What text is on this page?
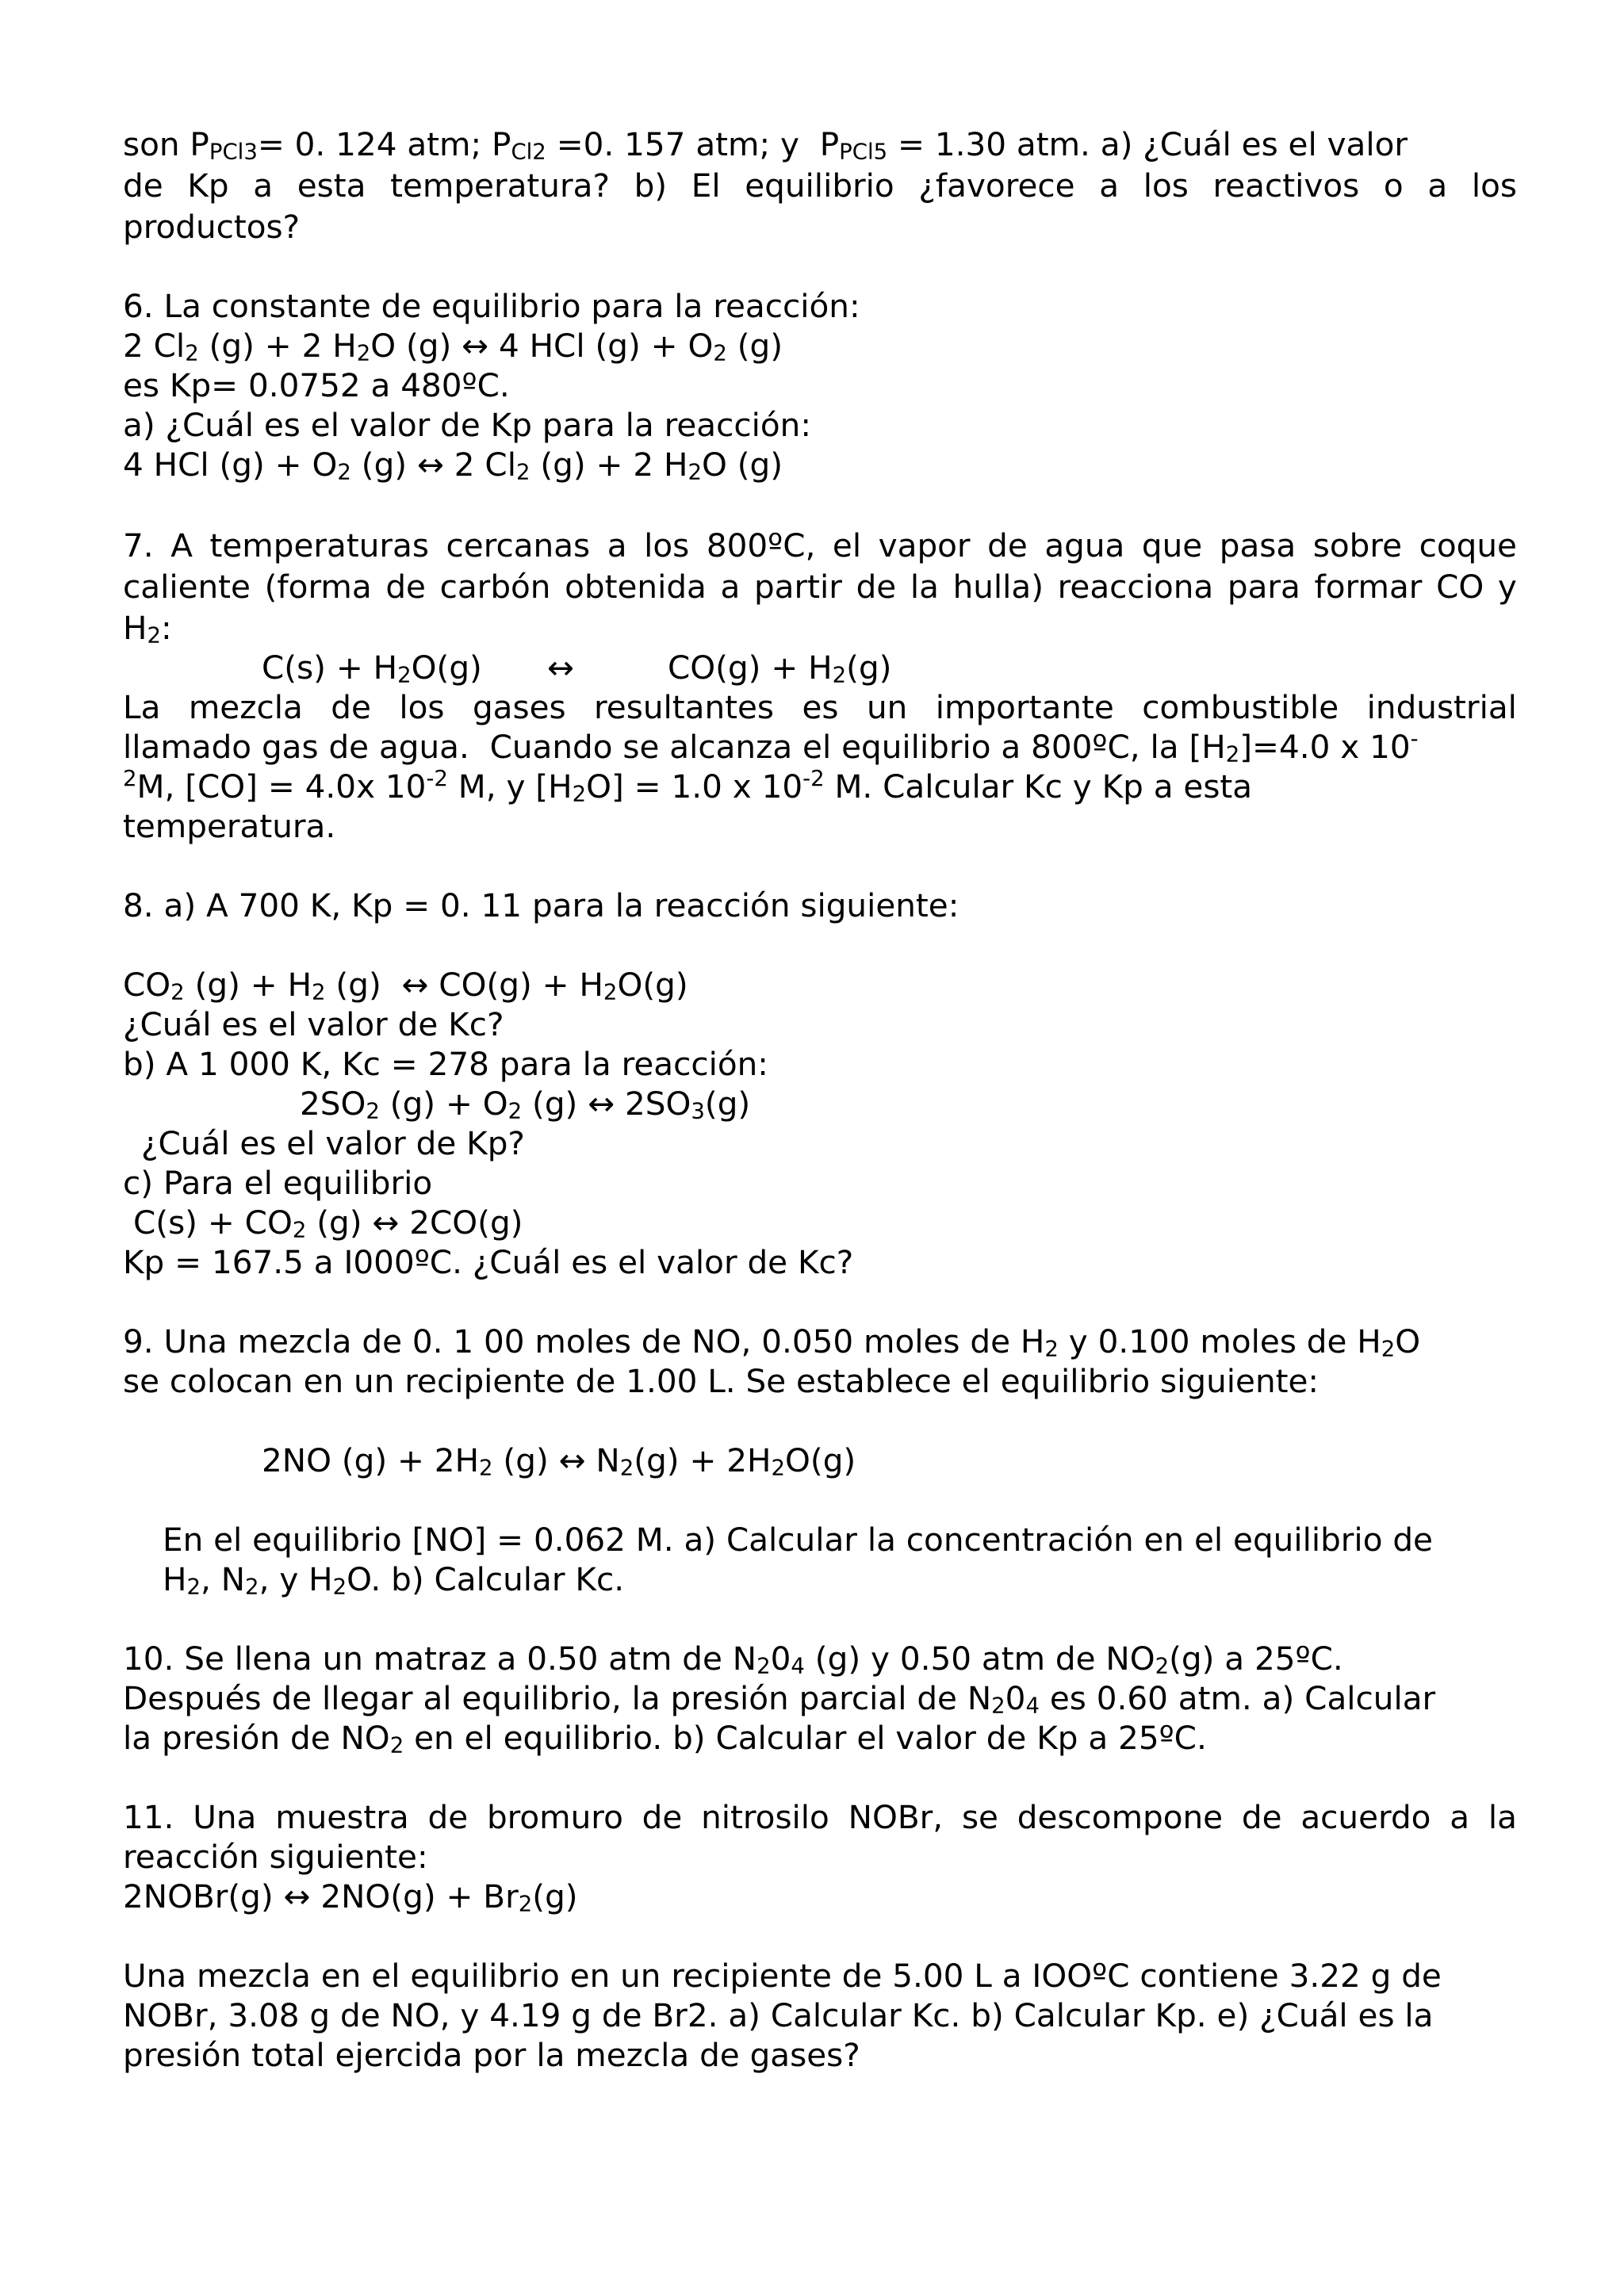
son $P_{PCl3}= 0$. 124 atm; $P_{Cl2} =0$. 157 atm; y  $P_{PCl5} = 1.30$ atm. a) ¿Cuál es el valor
de Kp a esta temperatura? b) El equilibrio ¿favorece a los reactivos o a los
productos?
6. La constante de equilibrio para la reacción:
2 $Cl_2$ (g) + 2 $H_2O$ (g) ↔ 4 HCl $(g) + O_2$ (g)
es Kp= 0.0752 a 480ºC.
a) ¿Cuál es el valor de Kp para la reacción:
4 HCl $(g) + O_2$ (g) ↔ 2 $Cl_2$ (g) + 2 $H_2O$ (g)
7. A temperaturas cercanas a los 800ºC, el vapor de agua que pasa sobre coque
caliente (forma de carbón obtenida a partir de la hulla) reacciona para formar CO y
$H_2$:
$C(s) + H_2O(g)$ ↔	$CO(g) + H_2(g)$
La mezcla de los gases resultantes es un importante combustible industrial
llamado gas de agua.  Cuando se alcanza el equilibrio a 800ºC, la $[H_2]=4.0$ x 10-
$^2$M, [CO] = 4.0x $10^{-2}$ M, y $[H_2O] = 1.0$ x $10^{-2}$ M. Calcular Kc y Kp a esta
temperatura.
8. a) A 700 K, Kp = 0. 11 para la reacción siguiente:
$CO_2$ $(g) + H_2$ (g)  ↔ $CO(g) + H_2O(g)$
¿Cuál es el valor de Kc?
b) A 1 000 K, Kc = 278 para la reacción:
$2SO_2$ $(g) + O_2$ (g) ↔ $2SO_3(g)$
¿Cuál es el valor de Kp?
c) Para el equilibrio
$C(s) + CO_2$ (g) ↔ 2CO(g)
Kp = 167.5 a I000ºC. ¿Cuál es el valor de Kc?
9. Una mezcla de 0. 1 00 moles de NO, 0.050 moles de $H_2$ y 0.100 moles de $H_2O$
se colocan en un recipiente de 1.00 L. Se establece el equilibrio siguiente:
2NO $(g) + 2H_2$ (g) ↔ $N_2(g) + 2H_2O(g)$
En el equilibrio [NO] = 0.062 M. a) Calcular la concentración en el equilibrio de
$H_2$, $N_2$, y $H_2O$. b) Calcular Kc.
10. Se llena un matraz a 0.50 atm de $N_20_4$ (g) y 0.50 atm de $NO_2(g)$ a 25ºC.
Después de llegar al equilibrio, la presión parcial de $N_20_4$ es 0.60 atm. a) Calcular
la presión de $NO_2$ en el equilibrio. b) Calcular el valor de Kp a 25ºC.
11. Una muestra de bromuro de nitrosilo NOBr, se descompone de acuerdo a la
reacción siguiente:
2NOBr(g) ↔ $2NO(g) + Br_2(g)$
Una mezcla en el equilibrio en un recipiente de 5.00 L a IOOºC contiene 3.22 g de
NOBr, 3.08 g de NO, y 4.19 g de Br2. a) Calcular Kc. b) Calcular Kp. e) ¿Cuál es la
presión total ejercida por la mezcla de gases?
